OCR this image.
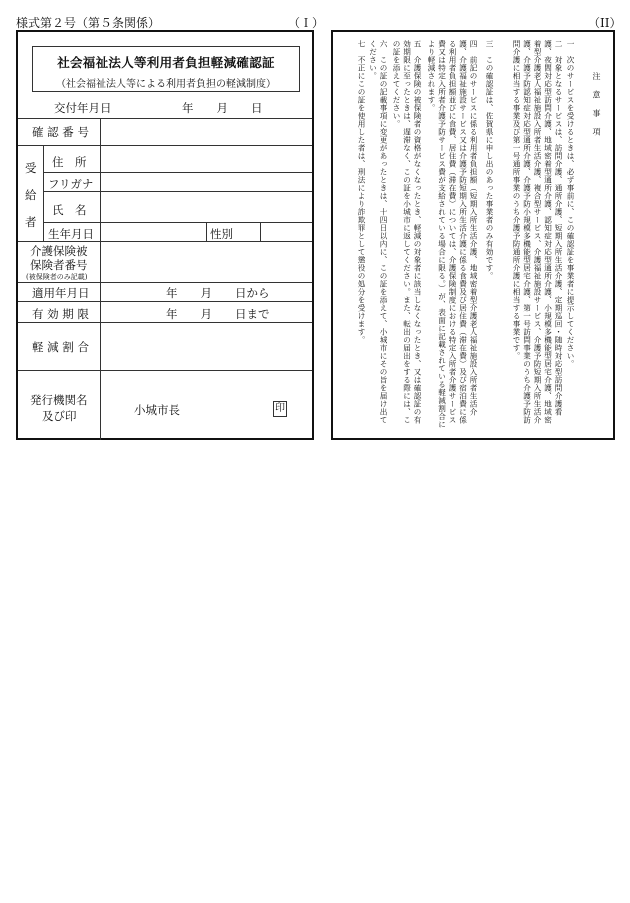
様式第２号（第５条関係）	（Ｉ）	（II）
社会福祉法人等利用者負担軽減確認証
（社会福祉法人等による利用者負担の軽減制度）
交付年月日	年　　月　　日
確 認 番 号
受
給
者
住　所
フリガナ
氏　名
生年月日	性別
介護保険被
保険者番号
(被保険者のみ記載)
適用年月日	年　　月　　日から
有 効 期 限	年　　月　　日まで
軽 減 割 合
発行機関名
及び印	小城市長	印
注 意 事 項
一　次のサービスを受けるときは、必ず事前に、この確認証を事業者に提示してください。
二　対象となるサービスは、訪問介護、通所介護、短期入所生活介護、定期巡回・随時対応型訪問介護看護、夜間対応型訪問介護、地域密着型通所介護、認知症対応型通所介護、小規模多機能型居宅介護、地域密着型介護老人福祉施設入所者生活介護、複合型サービス、介護福祉施設サービス、介護予防短期入所生活介護、介護予防認知症対応型通所介護、介護予防小規模多機能型居宅介護、第一号訪問事業のうち介護予防訪問介護に相当する事業及び第一号通所事業のうち介護予防通所介護に相当する事業です。
三　この確認証は、佐賀県に申し出のあった事業者のみ有効です。
四　前記のサービスに係る利用者負担額（短期入所生活介護、地域密着型介護老人福祉施設入所者生活介護、介護福祉施設サービス又は介護予防短期入所生活介護に係る食費及び居住費（滞在費）及び宿泊費に係る利用者負担額並びに食費、居住費（滞在費）については、介護保険制度における特定入所者介護サービス費又は特定入所者介護予防サービス費が支給されている場合に限る。）が、表面に記載されている軽減割合により軽減されます。
五　介護保険の被保険者の資格がなくなったとき、軽減の対象者に該当しなくなったとき、又は確認証の有効期限に至ったときは、遅滞なく、この証を小城市に返してください。また、転出の届出をする際には、この証を添えてください。
六　この証の記載事項に変更があったときは、十四日以内に、この証を添えて、小城市にその旨を届け出てください。
七　不正にこの証を使用した者は、刑法により詐欺罪として懲役の処分を受けます。
